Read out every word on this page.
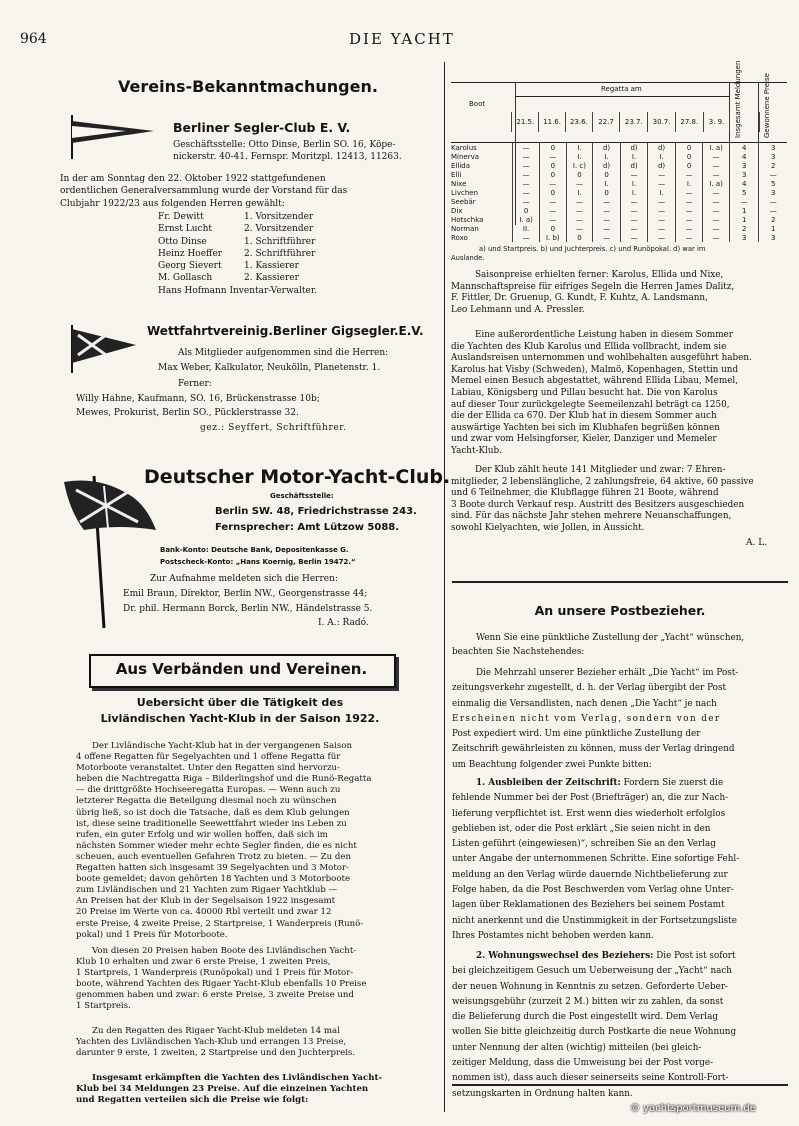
964	DIE YACHT
Vereins-Bekanntmachungen.
Berliner Segler-Club E. V.
Geschäftsstelle: Otto Dinse, Berlin SO. 16, Köpe-
nickerstr. 40-41. Fernspr. Moritzpl. 12413, 11263.
In der am Sonntag den 22. Oktober 1922 stattgefundenen
ordentlichen Generalversammlung wurde der Vorstand für das
Clubjahr 1922/23 aus folgenden Herren gewählt:
Fr. Dewitt	1. Vorsitzender
Ernst Lucht	2. Vorsitzender
Otto Dinse	1. Schriftführer
Heinz Hoeffer 2. Schriftführer
Georg Sievert 1. Kassierer
M. Gollasch	2. Kassierer
Hans Hofmann Inventar-Verwalter.
Wettfahrtvereinig.Berliner Gigsegler.E.V.
Als Mitglieder aufgenommen sind die Herren:
Max Weber, Kalkulator, Neukölln, Planetenstr. 1.
Ferner:
Willy Hahne, Kaufmann, SO. 16, Brückenstrasse 10b;
Mewes, Prokurist, Berlin SO., Pücklerstrasse 32.
gez.: Seyffert, Schriftführer.
Deutscher Motor-Yacht-Club.
Geschäftsstelle:
Berlin SW. 48, Friedrichstrasse 243.
Fernsprecher: Amt Lützow 5088.
Bank-Konto: Deutsche Bank, Depositenkasse G.
Postscheck-Konto: „Hans Koernig, Berlin 19472.“
Zur Aufnahme meldeten sich die Herren:
Emil Braun, Direktor, Berlin NW., Georgenstrasse 44;
Dr. phil. Hermann Borck, Berlin NW., Händelstrasse 5.
I. A.: Radó.
Aus Verbänden und Vereinen.
Uebersicht über die Tätigkeit des
Livländischen Yacht-Klub in der Saison 1922.
Der Livländische Yacht-Klub hat in der vergangenen Saison
4 offene Regatten für Segelyachten und 1 offene Regatta für
Motorboote veranstaltet. Unter den Regatten sind hervorzu-
heben die Nachtregatta Riga – Bilderlingshof und die Runö-Regatta
— die drittgrößte Hochseeregatta Europas. — Wenn auch zu
letzterer Regatta die Beteilgung diesmal noch zu wünschen
übrig ließ, so ist doch die Tatsache, daß es dem Klub gelungen
ist, diese seine traditionelle Seewettfahrt wieder ins Leben zu
rufen, ein guter Erfolg und wir wollen hoffen, daß sich im
nächsten Sommer wieder mehr echte Segler finden, die es nicht
scheuen, auch eventuellen Gefahren Trotz zu bieten. — Zu den
Regatten hatten sich insgesamt 39 Segelyachten und 3 Motor-
boote gemeldet; davon gehörten 18 Yachten und 3 Motorboote
zum Livländischen und 21 Yachten zum Rigaer Yachtklub —
An Preisen hat der Klub in der Segelsaison 1922 insgesamt
20 Preise im Werte von ca. 40000 Rbl verteilt und zwar 12
erste Preise, 4 zweite Preise, 2 Startpreise, 1 Wanderpreis (Runö-
pokal) und 1 Preis für Motorboote.
Von diesen 20 Preisen haben Boote des Livländischen Yacht-
Klub 10 erhalten und zwar 6 erste Preise, 1 zweiten Preis,
1 Startpreis, 1 Wanderpreis (Runöpokal) und 1 Preis für Motor-
boote, während Yachten des Rigaer Yacht-Klub ebenfalls 10 Preise
genommen haben und zwar: 6 erste Preise, 3 zweite Preise und
1 Startpreis.
Zu den Regatten des Rigaer Yacht-Klub meldeten 14 mal
Yachten des Livländischen Yach-Klub und errangen 13 Preise,
darunter 9 erste, 1 zweiten, 2 Startpreise und den Juchterpreis.
Insgesamt erkämpften die Yachten des Livländischen Yacht-
Klub bei 34 Meldungen 23 Preise. Auf die einzeinen Yachten
und Regatten verteilen sich die Preise wie folgt:
Boot
Regatta am	Insgesamt Meldungen	Gewonnene Preise
	21.5.	11.6.	23.6.	22.7	23.7.	30.7.	27.8.	3. 9.		
Karolus	—	0	I.	d)	d)	d)	0	I. a)	4	3
Minerva	—	—	I.	I.	I.	I.	0	—	4	3
Ellida	—	0	I. c)	d)	d)	d)	0	—	3	2
Elli	—	0	0	0	—	—	—	—	3	—
Nixe	—	—	—	I.	I.	—	I.	I. a)	4	5
Livchen	—	0	I.	0	I.	I.	—	—	5	3
Seebär	—	—	—	—	—	—	—	—	—	—
Dix	0	—	—	—	—	—	—	—	1	—
Hotschka	I. a)	—	—	—	—	—	—	—	1	2
Norman	II.	0	—	—	—	—	—	—	2	1
Roxo	—	I. b)	0	—	—	—	—	—	3	3
a) und Startpreis. b) und Juchterpreis. c) und Runöpokal. d) war im
Auslande.
Saisonpreise erhielten ferner: Karolus, Ellida und Nixe,
Mannschaftspreise für eifriges Segeln die Herren James Dalitz,
F. Fittler, Dr. Gruenup, G. Kundt, F. Kuhtz, A. Landsmann,
Leo Lehmann und A. Pressler.
Eine außerordentliche Leistung haben in diesem Sommer
die Yachten des Klub Karolus und Ellida vollbracht, indem sie
Auslandsreisen unternommen und wohlbehalten ausgeführt haben.
Karolus hat Visby (Schweden), Malmö, Kopenhagen, Stettin und
Memel einen Besuch abgestattet, während Ellida Libau, Memel,
Labiau, Königsberg und Pillau besucht hat. Die von Karolus
auf dieser Tour zurückgelegte Seemeilenzahl beträgt ca 1250,
die der Ellida ca 670. Der Klub hat in diesem Sommer auch
auswärtige Yachten bei sich im Klubhafen begrüßen können
und zwar vom Helsingforser, Kieler, Danziger und Memeler
Yacht-Klub.
Der Klub zählt heute 141 Mitglieder und zwar: 7 Ehren-
mitglieder, 2 lebenslängliche, 2 zahlungsfreie, 64 aktive, 60 passive
und 6 Teilnehmer, die Klubflagge führen 21 Boote, während
3 Boote durch Verkauf resp. Austritt des Besitzers ausgeschieden
sind. Für das nächste Jahr stehen mehrere Neuanschaffungen,
sowohl Kielyachten, wie Jollen, in Aussicht.
A. L.
An unsere Postbezieher.
Wenn Sie eine pünktliche Zustellung der „Yacht“ wünschen,
beachten Sie Nachstehendes:
Die Mehrzahl unserer Bezieher erhält „Die Yacht“ im Post-
zeitungsverkehr zugestellt, d. h. der Verlag übergibt der Post
einmalig die Versandlisten, nach denen „Die Yacht“ je nach
Erscheinen nicht vom Verlag, sondern von der
Post expediert wird. Um eine pünktliche Zustellung der
Zeitschrift gewährleisten zu können, muss der Verlag dringend
um Beachtung folgender zwei Punkte bitten:
1. Ausbleiben der Zeitschrift: Fordern Sie zuerst die
fehlende Nummer bei der Post (Briefträger) an, die zur Nach-
lieferung verpflichtet ist. Erst wenn dies wiederholt erfolglos
geblieben ist, oder die Post erklärt „Sie seien nicht in den
Listen geführt (eingewiesen)“, schreiben Sie an den Verlag
unter Angabe der unternommenen Schritte. Eine sofortige Fehl-
meldung an den Verlag würde dauernde Nichtbelieferung zur
Folge haben, da die Post Beschwerden vom Verlag ohne Unter-
lagen über Reklamationen des Beziehers bei seinem Postamt
nicht anerkennt und die Unstimmigkeit in der Fortsetzungsliste
Ihres Postamtes nicht behoben werden kann.
2. Wohnungswechsel des Beziehers: Die Post ist sofort
bei gleichzeitigem Gesuch um Ueberweisung der „Yacht“ nach
der neuen Wohnung in Kenntnis zu setzen. Geforderte Ueber-
weisungsgebühr (zurzeit 2 M.) bitten wir zu zahlen, da sonst
die Belieferung durch die Post eingestellt wird. Dem Verlag
wollen Sie bitte gleichzeitig durch Postkarte die neue Wohnung
unter Nennung der alten (wichtig) mitteilen (bei gleich-
zeitiger Meldung, dass die Umweisung bei der Post vorge-
nommen ist), dass auch dieser seinerseits seine Kontroll-Fort-
setzungskarten in Ordnung halten kann.
© yachtsportmuseum.de
